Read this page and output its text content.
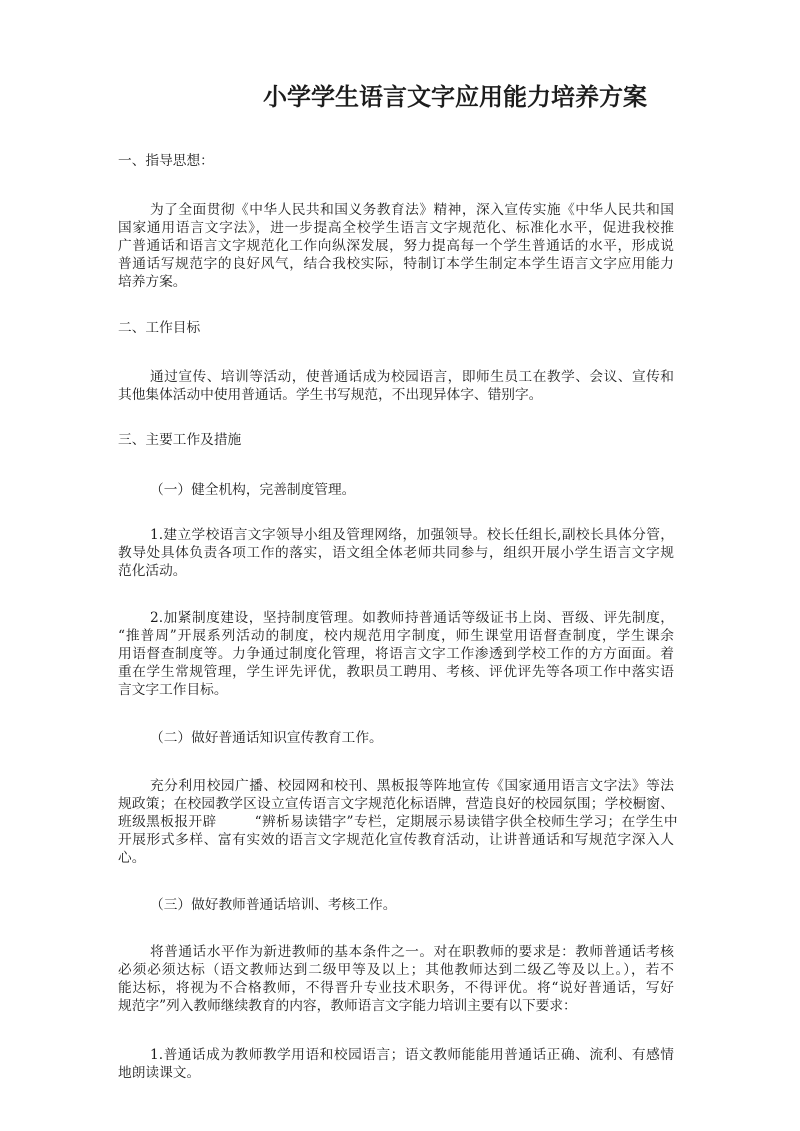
小学学生语言文字应用能力培养方案
一、指导思想：
为了全面贯彻《中华人民共和国义务教育法》精神，深入宣传实施《中华人民共和国
国家通用语言文字法》，进一步提高全校学生语言文字规范化、标准化水平，促进我校推
广普通话和语言文字规范化工作向纵深发展，努力提高每一个学生普通话的水平，形成说
普通话写规范字的良好风气，结合我校实际，特制订本学生制定本学生语言文字应用能力
培养方案。
二、工作目标
通过宣传、培训等活动，使普通话成为校园语言，即师生员工在教学、会议、宣传和
其他集体活动中使用普通话。学生书写规范，不出现异体字、错别字。
三、主要工作及措施
（一）健全机构，完善制度管理。
1.建立学校语言文字领导小组及管理网络，加强领导。校长任组长,副校长具体分管，
教导处具体负责各项工作的落实，语文组全体老师共同参与，组织开展小学生语言文字规
范化活动。
2.加紧制度建设，坚持制度管理。如教师持普通话等级证书上岗、晋级、评先制度，
“推普周”开展系列活动的制度，校内规范用字制度，师生课堂用语督查制度，学生课余
用语督查制度等。力争通过制度化管理，将语言文字工作渗透到学校工作的方方面面。着
重在学生常规管理，学生评先评优，教职员工聘用、考核、评优评先等各项工作中落实语
言文字工作目标。
（二）做好普通话知识宣传教育工作。
充分利用校园广播、校园网和校刊、黑板报等阵地宣传《国家通用语言文字法》等法
规政策；在校园教学区设立宣传语言文字规范化标语牌，营造良好的校园氛围；学校橱窗、
班级黑板报开辟        “辨析易读错字”专栏，定期展示易读错字供全校师生学习；在学生中
开展形式多样、富有实效的语言文字规范化宣传教育活动，让讲普通话和写规范字深入人
心。
（三）做好教师普通话培训、考核工作。
将普通话水平作为新进教师的基本条件之一。对在职教师的要求是：教师普通话考核
必须必须达标（语文教师达到二级甲等及以上；其他教师达到二级乙等及以上。），若不
能达标，将视为不合格教师，不得晋升专业技术职务，不得评优。将“说好普通话，写好
规范字”列入教师继续教育的内容，教师语言文字能力培训主要有以下要求：
1.普通话成为教师教学用语和校园语言；语文教师能能用普通话正确、流利、有感情
地朗读课文。
